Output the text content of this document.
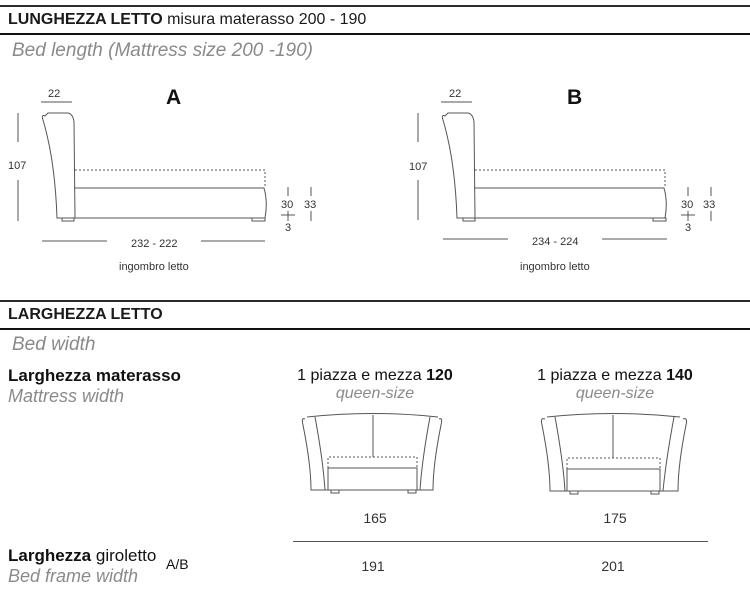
LUNGHEZZA LETTO misura materasso 200 - 190
Bed length (Mattress size 200 -190)
A
22
107
30
3
33
232 - 222
ingombro letto
B
22
107
30
3
33
234 - 224
ingombro letto
LARGHEZZA LETTO
Bed width
Larghezza materasso
Mattress width
1 piazza e mezza 120
queen-size
165
1 piazza e mezza 140
queen-size
175
Larghezza giroletto
Bed frame width
A/B	191	201
